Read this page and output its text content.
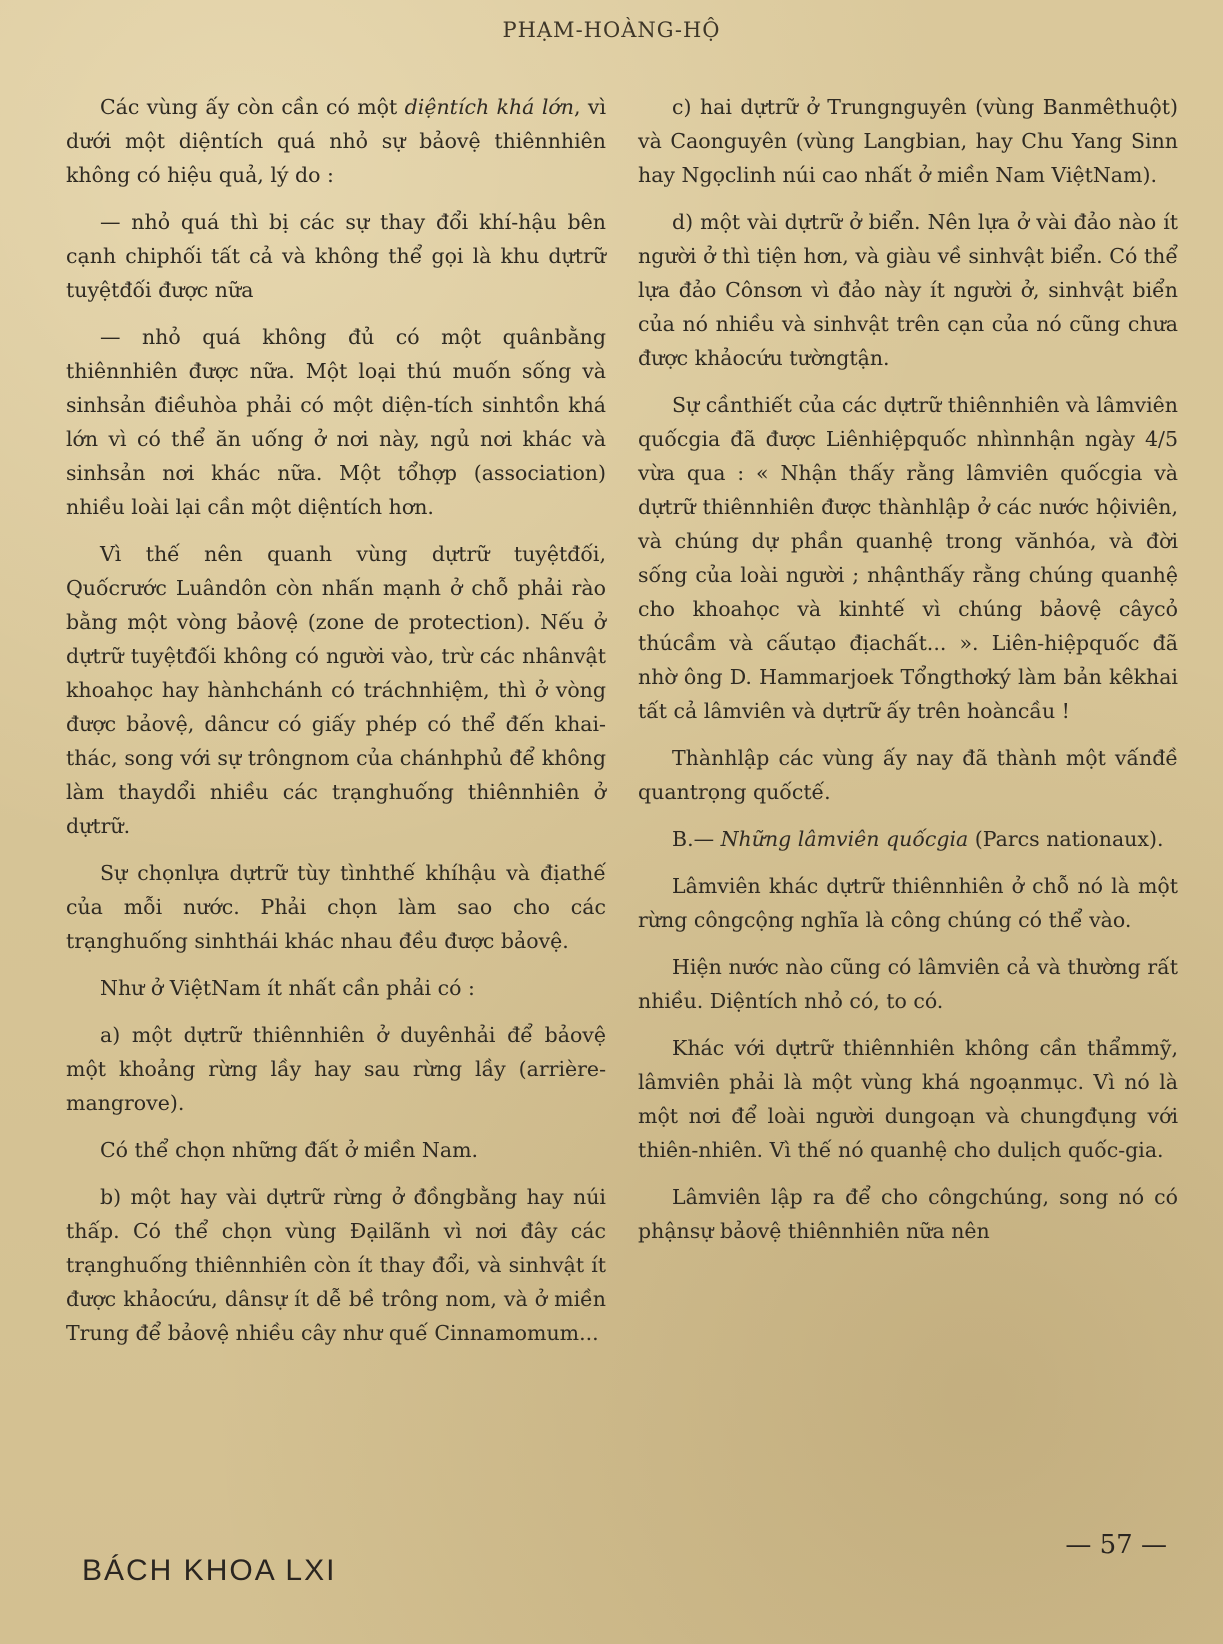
PHẠM-HOÀNG-HỘ

Các vùng ấy còn cần có một diệntích khá lớn, vì dưới một diệntích quá nhỏ sự bảovệ thiênnhiên không có hiệu quả, lý do :

— nhỏ quá thì bị các sự thay đổi khí-hậu bên cạnh chiphối tất cả và không thể gọi là khu dựtrữ tuyệtđối được nữa

— nhỏ quá không đủ có một quânbằng thiênnhiên được nữa. Một loại thú muốn sống và sinhsản điềuhòa phải có một diện-tích sinhtồn khá lớn vì có thể ăn uống ở nơi này, ngủ nơi khác và sinhsản nơi khác nữa. Một tổhợp (association) nhiều loài lại cần một diệntích hơn.

Vì thế nên quanh vùng dựtrữ tuyệtđối, Quốcrước Luândôn còn nhấn mạnh ở chỗ phải rào bằng một vòng bảovệ (zone de protection). Nếu ở dựtrữ tuyệtđối không có người vào, trừ các nhânvật khoahọc hay hànhchánh có tráchnhiệm, thì ở vòng được bảovệ, dâncư có giấy phép có thể đến khai-thác, song với sự trôngnom của chánhphủ để không làm thaydổi nhiều các trạnghuống thiênnhiên ở dựtrữ.

Sự chọnlựa dựtrữ tùy tìnhthế khíhậu và địathế của mỗi nước. Phải chọn làm sao cho các trạnghuống sinhthái khác nhau đều được bảovệ.

Như ở ViệtNam ít nhất cần phải có :

a) một dựtrữ thiênnhiên ở duyênhải để bảovệ một khoảng rừng lầy hay sau rừng lầy (arrière-mangrove).

Có thể chọn những đất ở miền Nam.

b) một hay vài dựtrữ rừng ở đồngbằng hay núi thấp. Có thể chọn vùng Đạilãnh vì nơi đây các trạnghuống thiênnhiên còn ít thay đổi, và sinhvật ít được khảocứu, dânsự ít dễ bề trông nom, và ở miền Trung để bảovệ nhiều cây như quế Cinnamomum...

c) hai dựtrữ ở Trungnguyên (vùng Banmêthuột) và Caonguyên (vùng Langbian, hay Chu Yang Sinn hay Ngọclinh núi cao nhất ở miền Nam ViệtNam).

d) một vài dựtrữ ở biển. Nên lựa ở vài đảo nào ít người ở thì tiện hơn, và giàu về sinhvật biển. Có thể lựa đảo Cônsơn vì đảo này ít người ở, sinhvật biển của nó nhiều và sinhvật trên cạn của nó cũng chưa được khảocứu tườngtận.

Sự cầnthiết của các dựtrữ thiênnhiên và lâmviên quốcgia đã được Liênhiệpquốc nhìnnhận ngày 4/5 vừa qua : « Nhận thấy rằng lâmviên quốcgia và dựtrữ thiênnhiên được thànhlập ở các nước hộiviên, và chúng dự phần quanhệ trong vănhóa, và đời sống của loài người ; nhậnthấy rằng chúng quanhệ cho khoahọc và kinhtế vì chúng bảovệ câycỏ thúcầm và cấutạo địachất... ». Liên-hiệpquốc đã nhờ ông D. Hammarjoek Tổngthơký làm bản kêkhai tất cả lâmviên và dựtrữ ấy trên hoàncầu !

Thànhlập các vùng ấy nay đã thành một vấnđề quantrọng quốctế.

B.— Những lâmviên quốcgia (Parcs nationaux).

Lâmviên khác dựtrữ thiênnhiên ở chỗ nó là một rừng côngcộng nghĩa là công chúng có thể vào.

Hiện nước nào cũng có lâmviên cả và thường rất nhiều. Diệntích nhỏ có, to có.

Khác với dựtrữ thiênnhiên không cần thẩmmỹ, lâmviên phải là một vùng khá ngoạnmục. Vì nó là một nơi để loài người dungoạn và chungđụng với thiên-nhiên. Vì thế nó quanhệ cho dulịch quốc-gia.

Lâmviên lập ra để cho côngchúng, song nó có phậnsự bảovệ thiênnhiên nữa nên

BÁCH KHOA LXI
— 57 —
